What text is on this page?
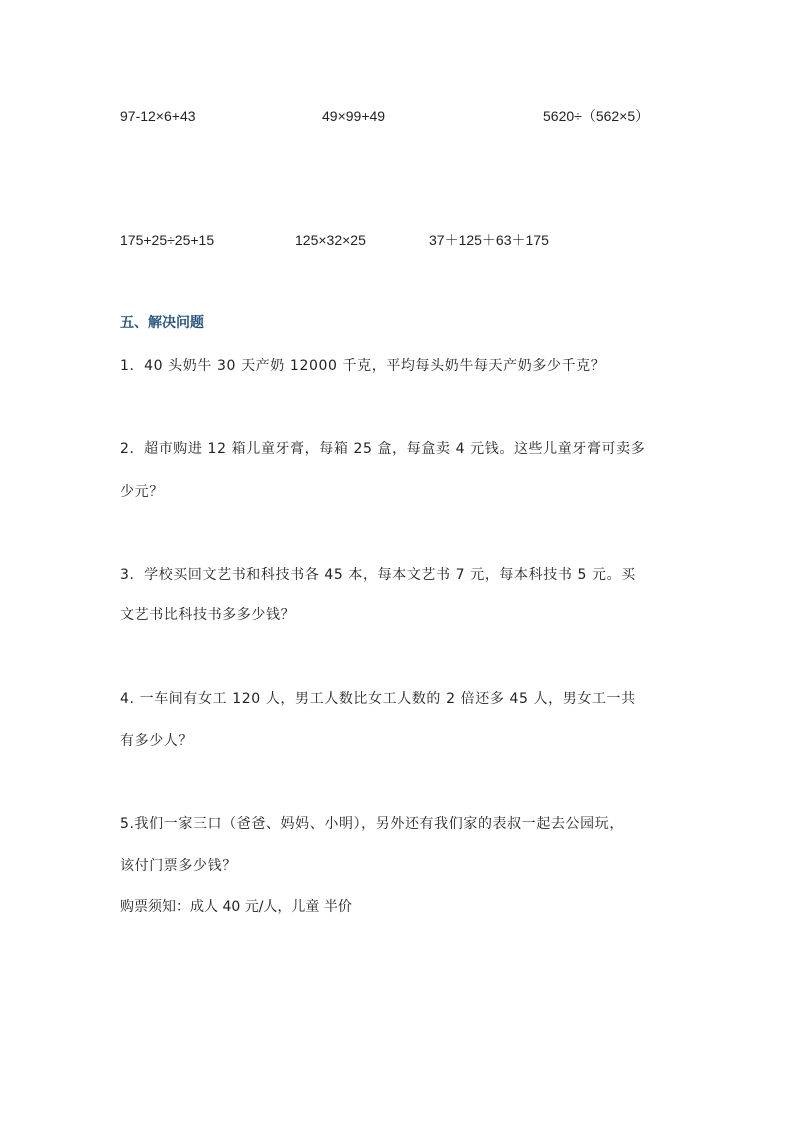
97-12×6+43	49×99+49	5620÷（562×5）
175+25÷25+15	125×32×25	37＋125＋63＋175
五、解决问题
1．40 头奶牛 30 天产奶 12000 千克，平均每头奶牛每天产奶多少千克？
2．超市购进 12 箱儿童牙膏，每箱 25 盒，每盒卖 4 元钱。这些儿童牙膏可卖多
少元？
3．学校买回文艺书和科技书各 45 本，每本文艺书 7 元，每本科技书 5 元。买
文艺书比科技书多多少钱？
4. 一车间有女工 120 人，男工人数比女工人数的 2 倍还多 45 人，男女工一共
有多少人？
5.我们一家三口（爸爸、妈妈、小明），另外还有我们家的表叔一起去公园玩，
该付门票多少钱？
购票须知：成人 40 元/人，儿童 半价
